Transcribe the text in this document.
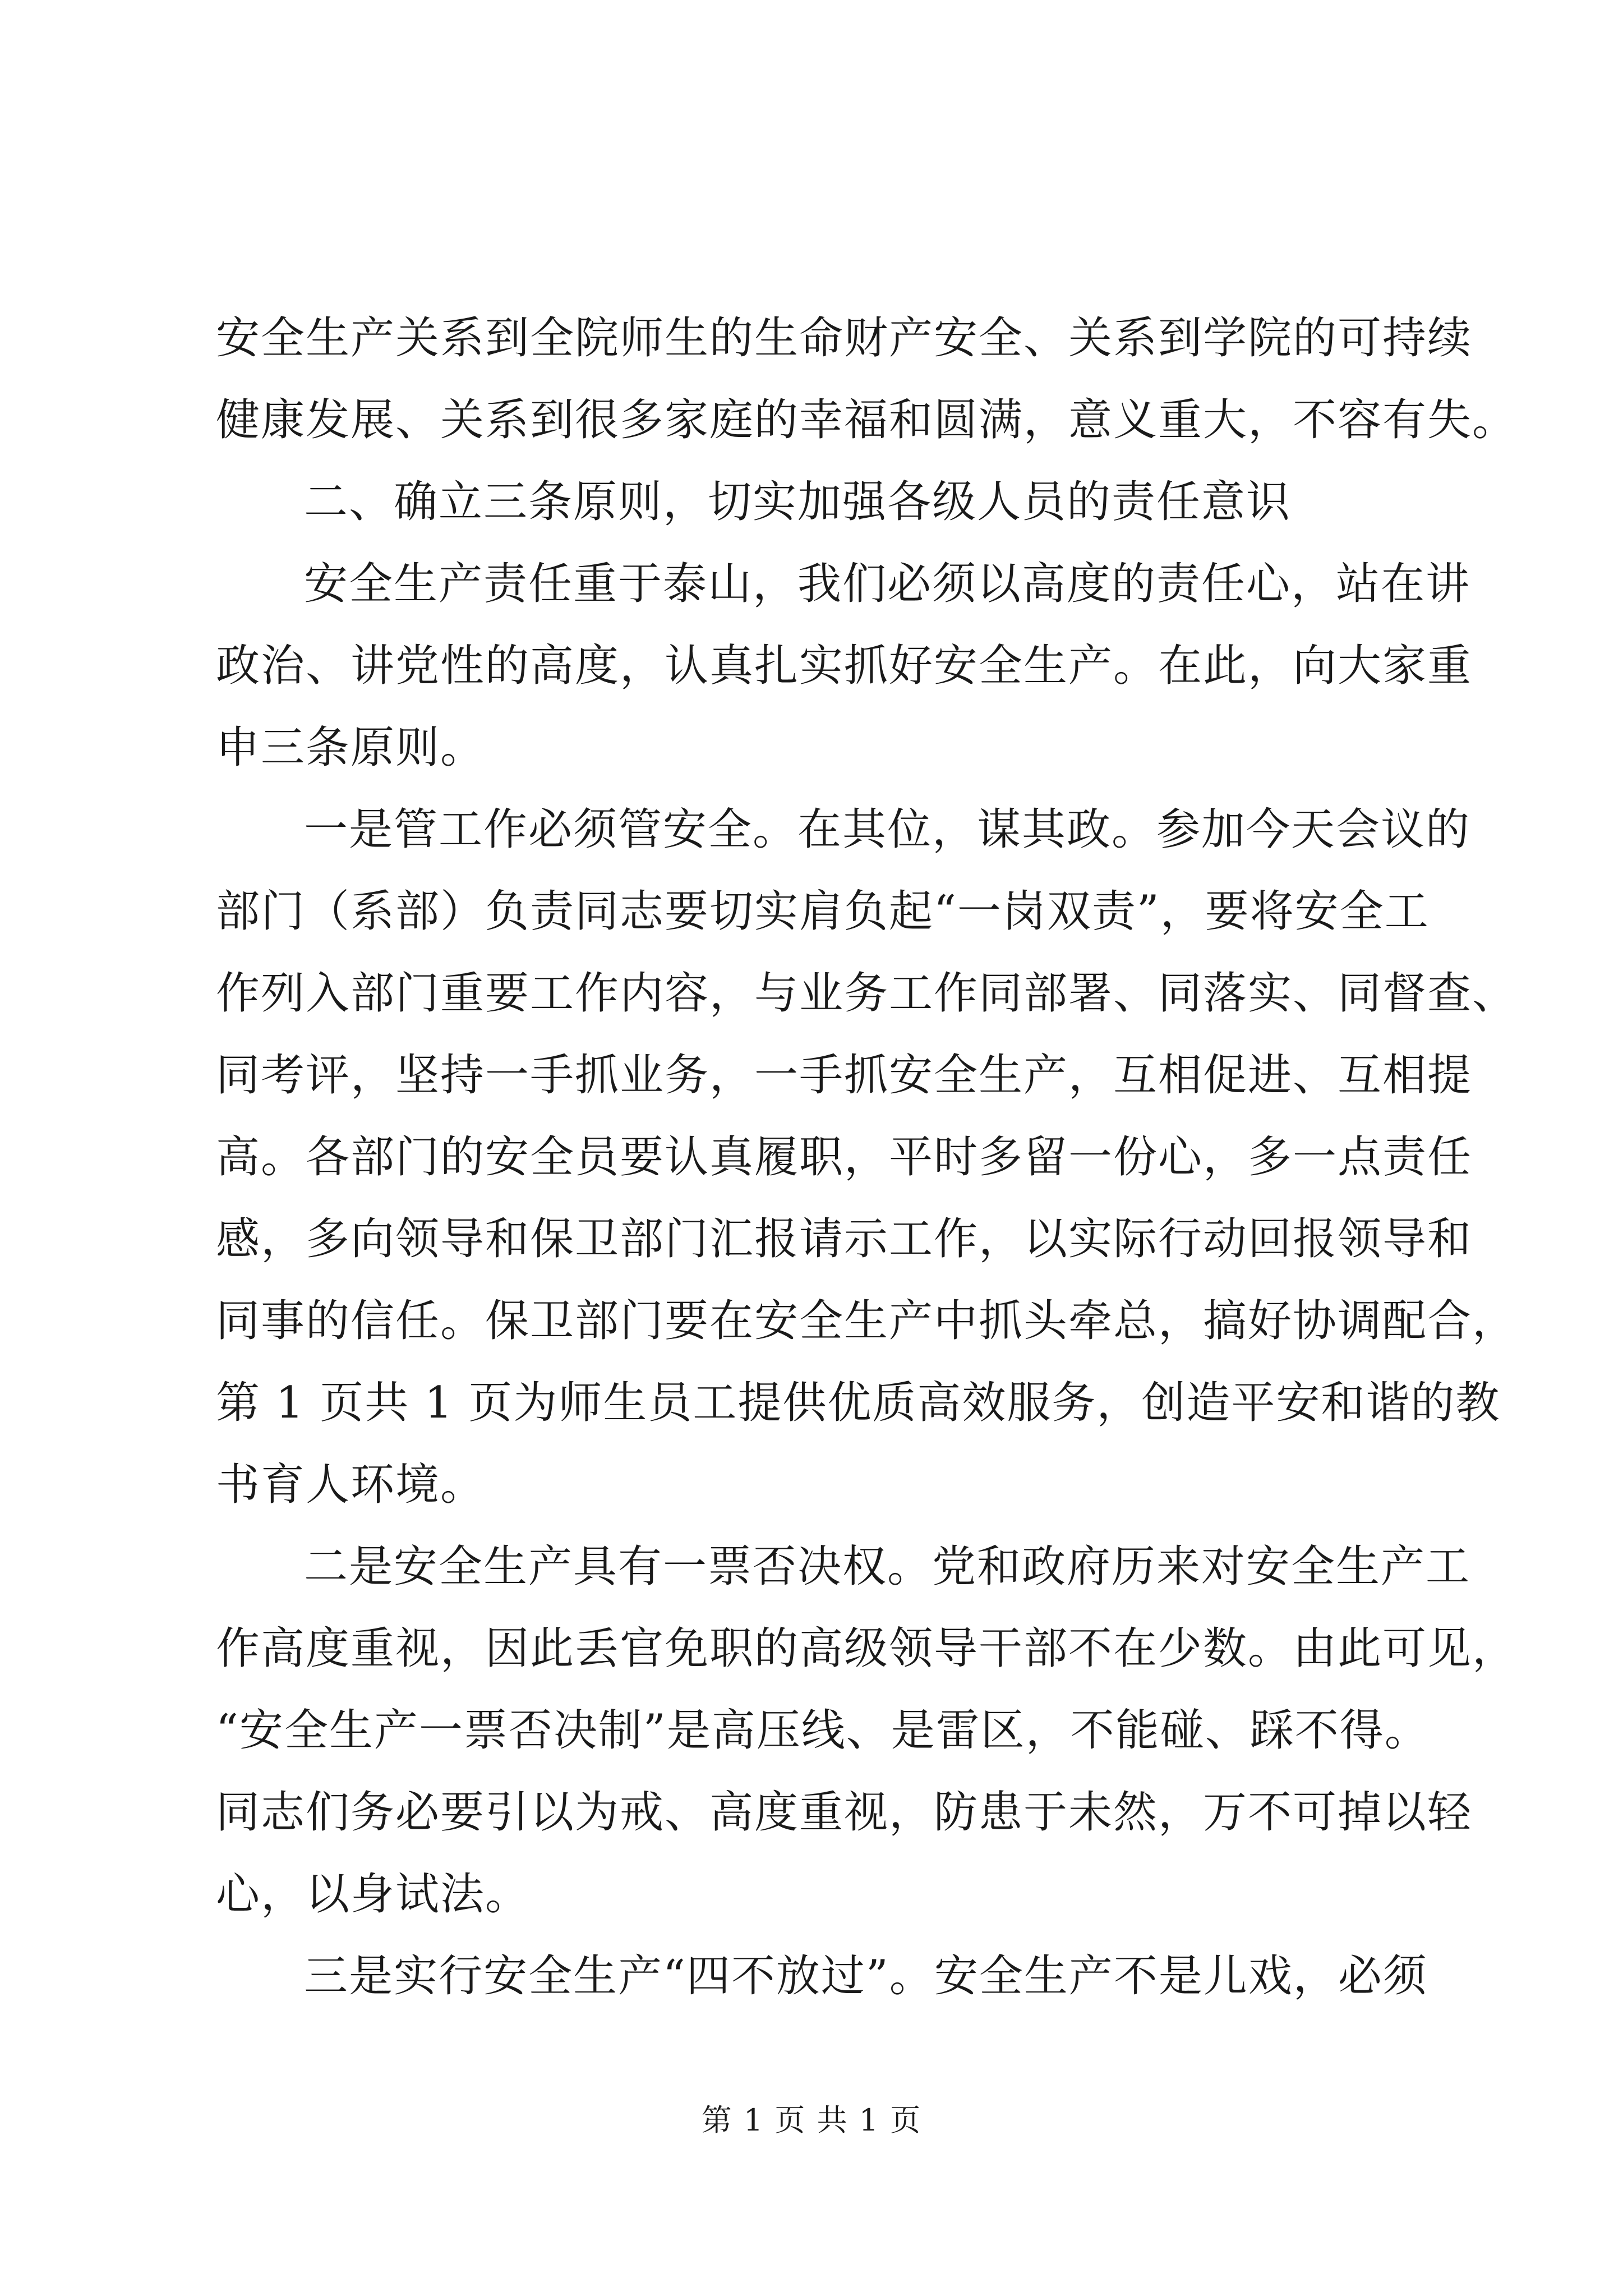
安全生产关系到全院师生的生命财产安全、关系到学院的可持续
健康发展、关系到很多家庭的幸福和圆满，意义重大，不容有失。
二、确立三条原则，切实加强各级人员的责任意识
安全生产责任重于泰山，我们必须以高度的责任心，站在讲
政治、讲党性的高度，认真扎实抓好安全生产。在此，向大家重
申三条原则。
一是管工作必须管安全。在其位，谋其政。参加今天会议的
部门（系部）负责同志要切实肩负起“一岗双责”，要将安全工
作列入部门重要工作内容，与业务工作同部署、同落实、同督查、
同考评，坚持一手抓业务，一手抓安全生产，互相促进、互相提
高。各部门的安全员要认真履职，平时多留一份心，多一点责任
感，多向领导和保卫部门汇报请示工作，以实际行动回报领导和
同事的信任。保卫部门要在安全生产中抓头牵总，搞好协调配合，
第 1 页共 1 页为师生员工提供优质高效服务，创造平安和谐的教
书育人环境。
二是安全生产具有一票否决权。党和政府历来对安全生产工
作高度重视，因此丢官免职的高级领导干部不在少数。由此可见，
“安全生产一票否决制”是高压线、是雷区，不能碰、踩不得。
同志们务必要引以为戒、高度重视，防患于未然，万不可掉以轻
心，以身试法。
三是实行安全生产“四不放过”。安全生产不是儿戏，必须
第 1 页 共 1 页
